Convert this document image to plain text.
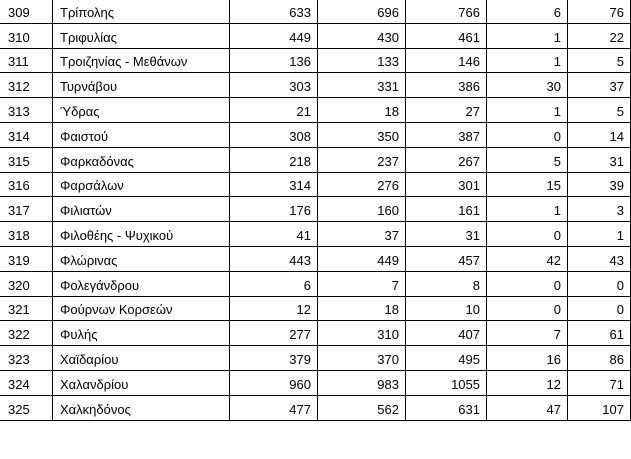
309	Τρίπολης	633	696	766	6	76
310	Τριφυλίας	449	430	461	1	22
311	Τροιζηνίας - Μεθάνων	136	133	146	1	5
312	Τυρνάβου	303	331	386	30	37
313	Ύδρας	21	18	27	1	5
314	Φαιστού	308	350	387	0	14
315	Φαρκαδόνας	218	237	267	5	31
316	Φαρσάλων	314	276	301	15	39
317	Φιλιατών	176	160	161	1	3
318	Φιλοθέης - Ψυχικού	41	37	31	0	1
319	Φλώρινας	443	449	457	42	43
320	Φολεγάνδρου	6	7	8	0	0
321	Φούρνων Κορσεών	12	18	10	0	0
322	Φυλής	277	310	407	7	61
323	Χαϊδαρίου	379	370	495	16	86
324	Χαλανδρίου	960	983	1055	12	71
325	Χαλκηδόνος	477	562	631	47	107
